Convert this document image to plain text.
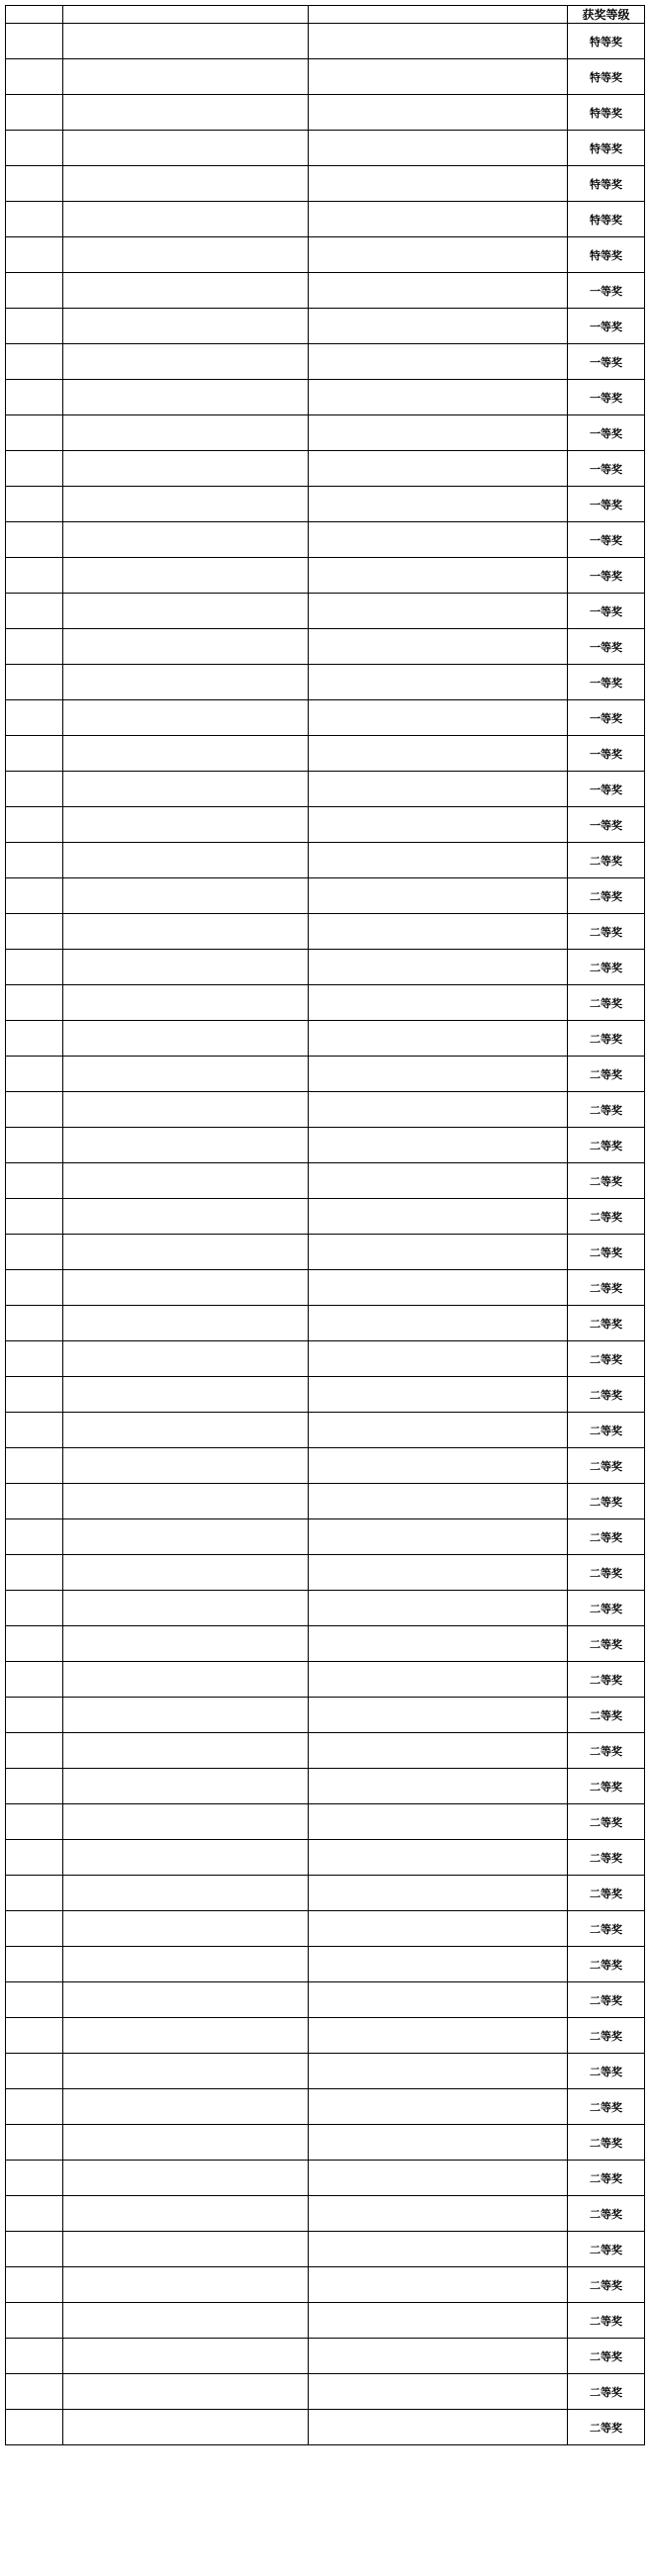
			获奖等级
			特等奖
			特等奖
			特等奖
			特等奖
			特等奖
			特等奖
			特等奖
			一等奖
			一等奖
			一等奖
			一等奖
			一等奖
			一等奖
			一等奖
			一等奖
			一等奖
			一等奖
			一等奖
			一等奖
			一等奖
			一等奖
			一等奖
			一等奖
			二等奖
			二等奖
			二等奖
			二等奖
			二等奖
			二等奖
			二等奖
			二等奖
			二等奖
			二等奖
			二等奖
			二等奖
			二等奖
			二等奖
			二等奖
			二等奖
			二等奖
			二等奖
			二等奖
			二等奖
			二等奖
			二等奖
			二等奖
			二等奖
			二等奖
			二等奖
			二等奖
			二等奖
			二等奖
			二等奖
			二等奖
			二等奖
			二等奖
			二等奖
			二等奖
			二等奖
			二等奖
			二等奖
			二等奖
			二等奖
			二等奖
			二等奖
			二等奖
			二等奖
			二等奖
